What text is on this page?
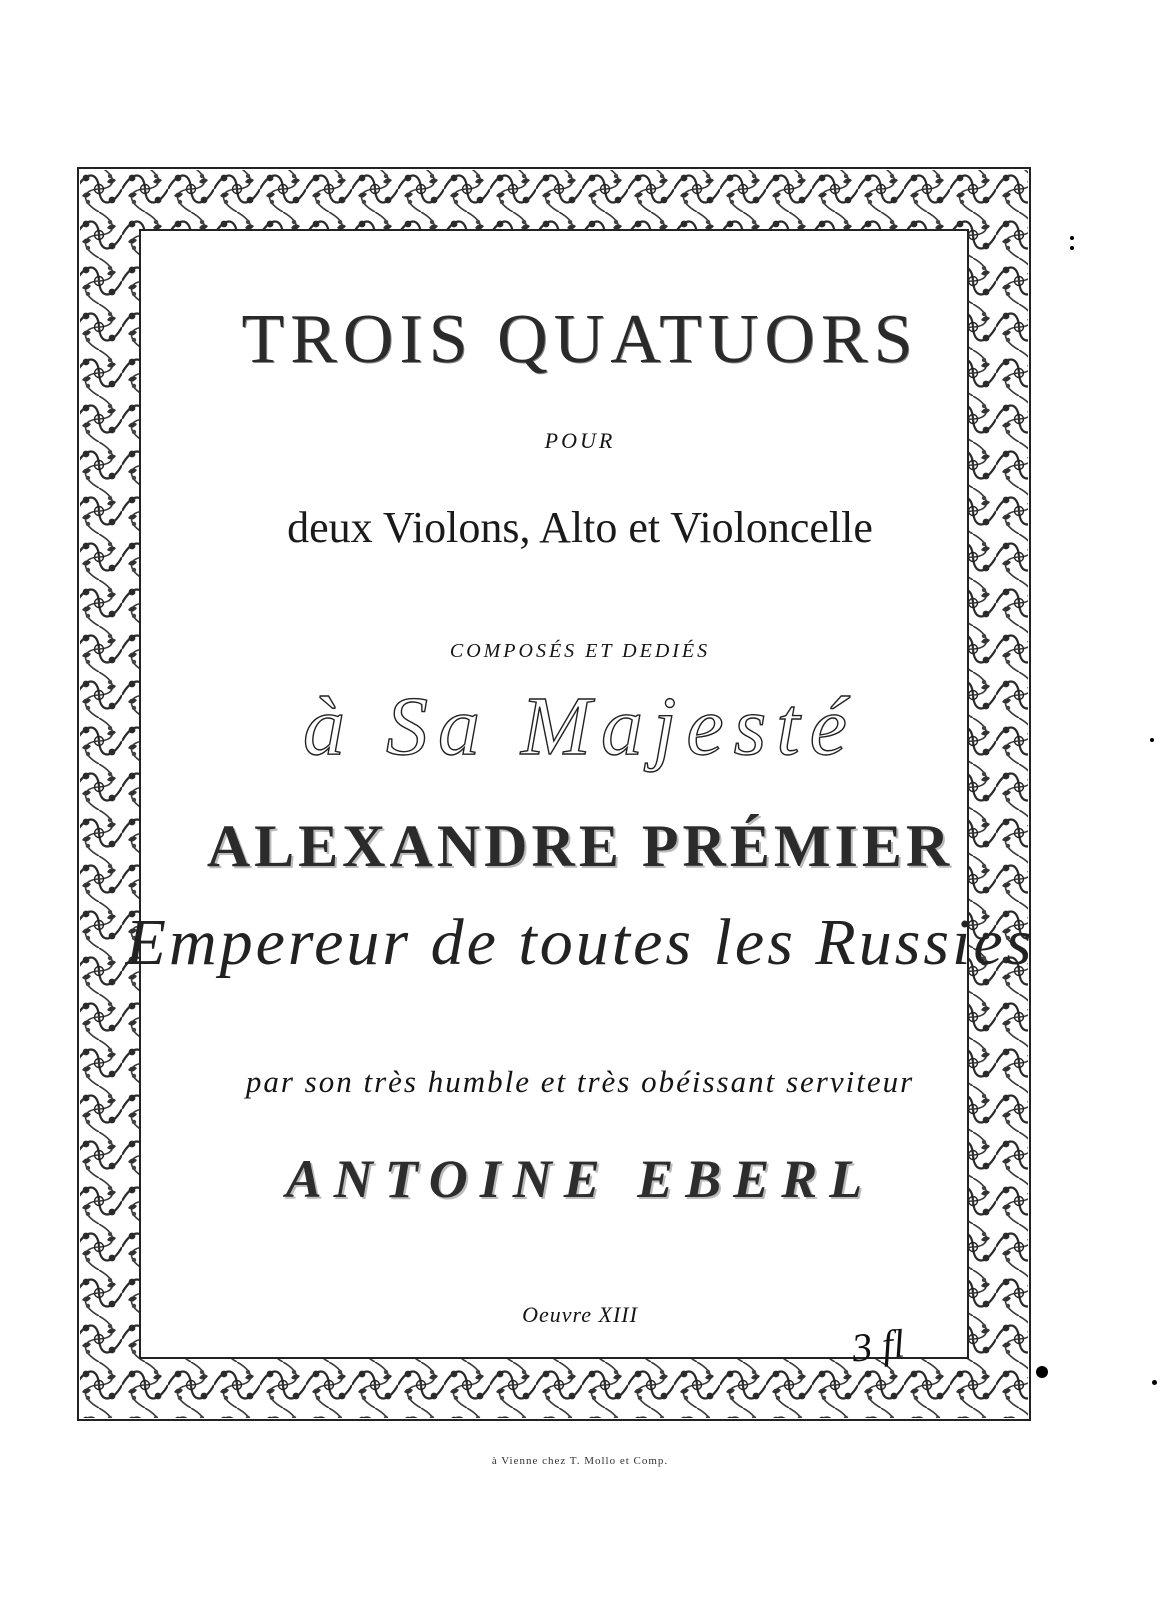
TROIS QUATUORS
POUR
deux Violons, Alto et Violoncelle
COMPOSÉS ET DEDIÉS
à Sa Majesté
ALEXANDRE PRÉMIER
Empereur de toutes les Russies
par son très humble et très obéissant serviteur
ANTOINE EBERL
Oeuvre XIII
3 fl
à Vienne chez T. Mollo et Comp.
